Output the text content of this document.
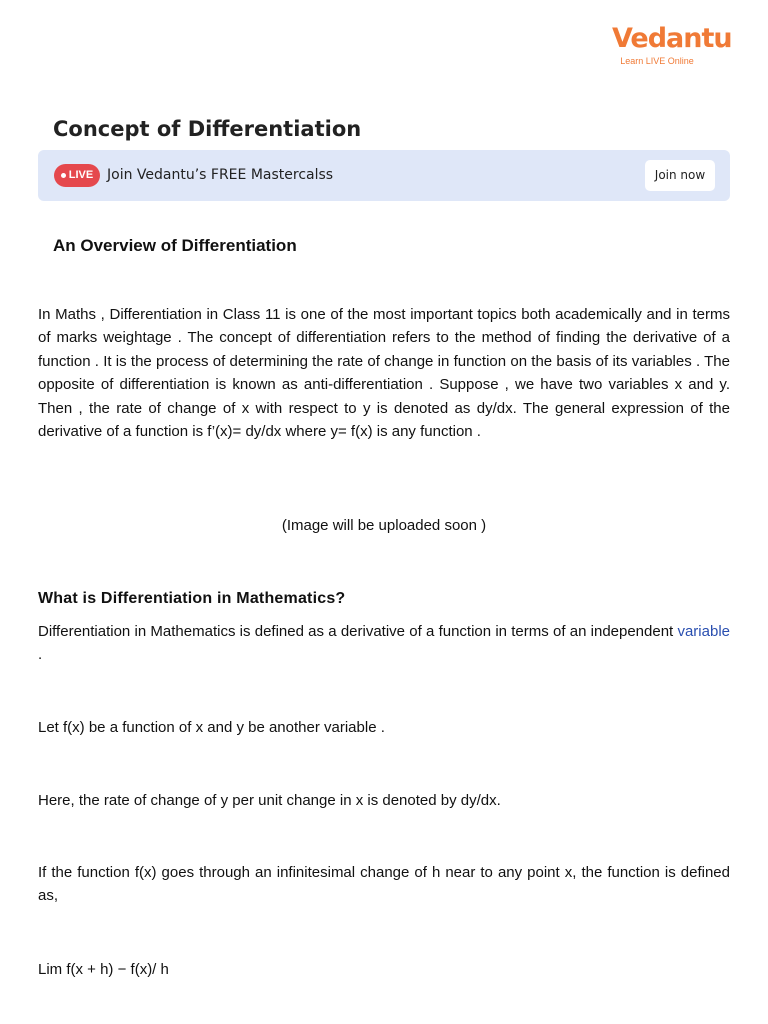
Vedantu
Learn LIVE Online
Concept of Differentiation
LIVE Join Vedantu’s FREE Mastercalss	Join now
An Overview of Differentiation

In Maths , Differentiation in Class 11 is one of the most important topics both academically and in terms of marks weightage . The concept of differentiation refers to the method of finding the derivative of a function . It is the process of determining the rate of change in function on the basis of its variables . The opposite of differentiation is known as anti-differentiation . Suppose , we have two variables x and y. Then , the rate of change of x with respect to y is denoted as dy/dx. The general expression of the derivative of a function is f’(x)= dy/dx where y= f(x) is any function .

(Image will be uploaded soon )
What is Differentiation in Mathematics?

Differentiation in Mathematics is defined as a derivative of a function in terms of an independent variable .

Let f(x) be a function of x and y be another variable .

Here, the rate of change of y per unit change in x is denoted by dy/dx.

If the function f(x) goes through an infinitesimal change of h near to any point x, the function is defined as,

Lim f(x + h) − f(x)/ h
